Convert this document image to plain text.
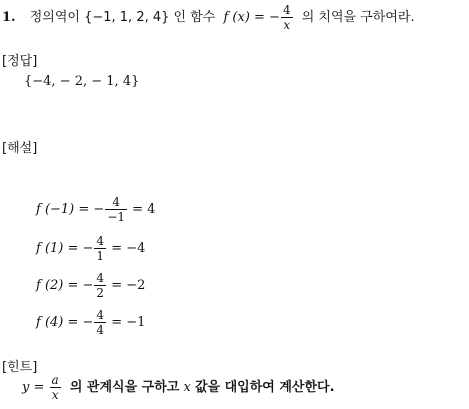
1. 정의역이 {−1, 1, 2, 4} 인 함수 f (x) = − $\frac{4}{x}$ 의 치역을 구하여라.
[정답]
{−4, − 2, − 1, 4}
[해설]
f (−1) = − $\frac{4}{-1} = 4$
f (1) = − $\frac{4}{1} = -4$
f (2) = − $\frac{4}{2} = -2$
f (4) = − $\frac{4}{4} = -1$
[힌트]
$y = \frac{a}{x}$ 의 관계식을 구하고 x 값을 대입하여 계산한다.
